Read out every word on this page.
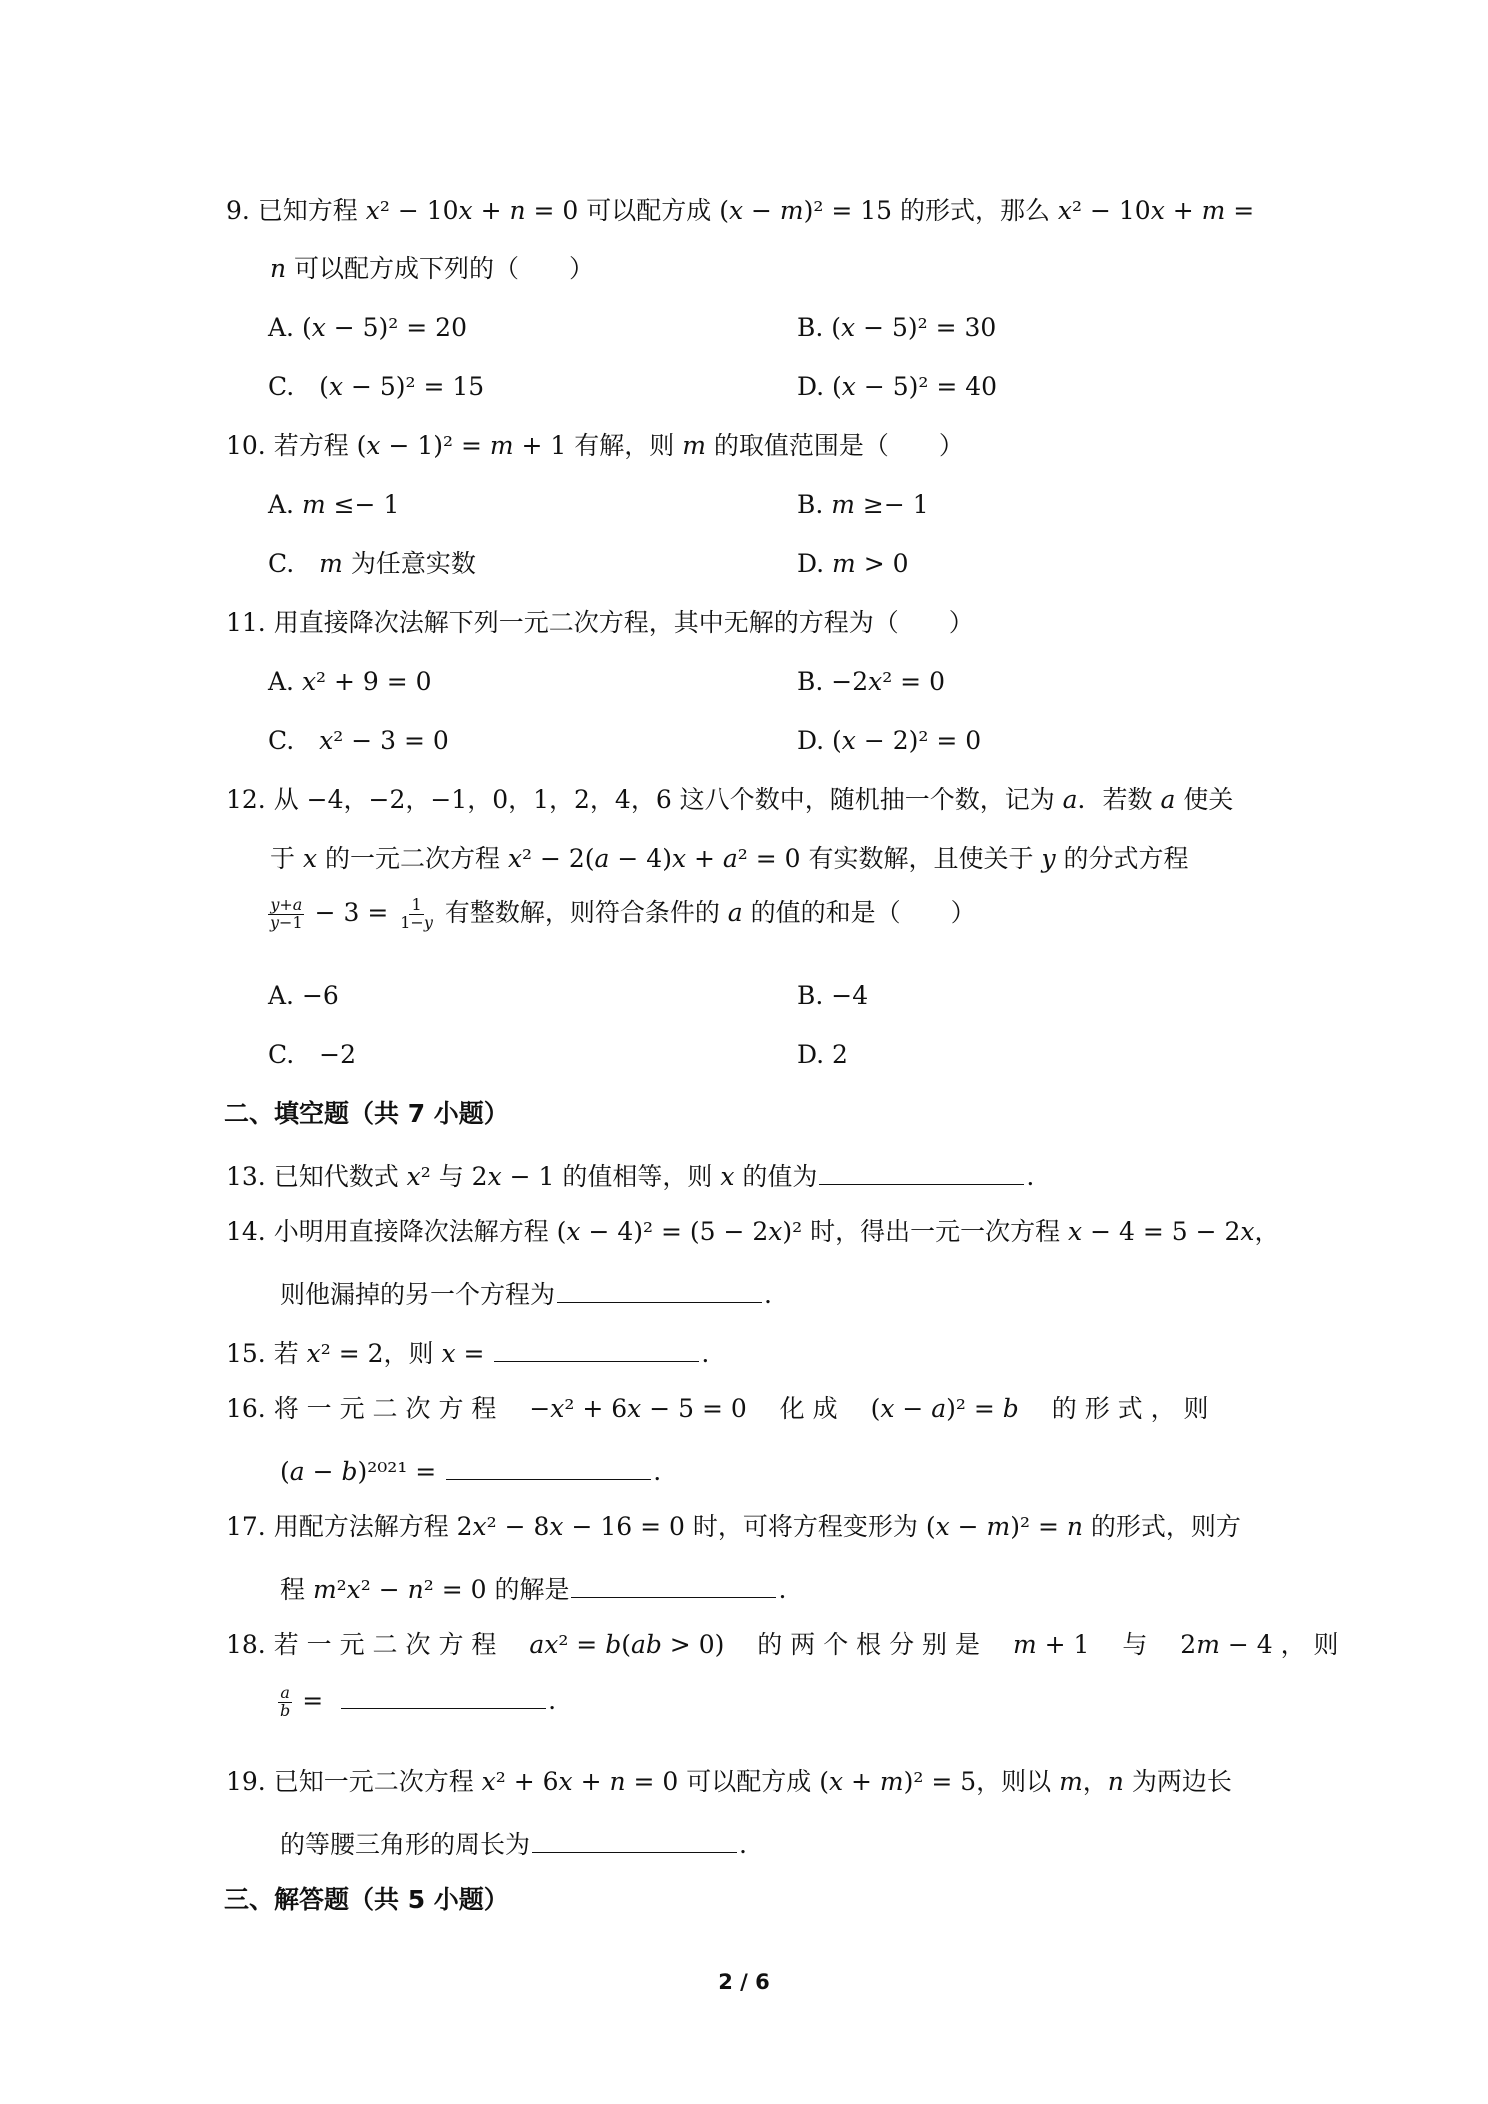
9. 已知方程 𝑥² − 10𝑥 + 𝑛 = 0 可以配方成 (𝑥 − 𝑚)² = 15 的形式，那么 𝑥² − 10𝑥 + 𝑚 =
𝑛 可以配方成下列的（　　）
A. (𝑥 − 5)² = 20	B. (𝑥 − 5)² = 30
C.　(𝑥 − 5)² = 15	D. (𝑥 − 5)² = 40
10. 若方程 (𝑥 − 1)² = 𝑚 + 1 有解，则 𝑚 的取值范围是（　　）
A. 𝑚 ≤− 1	B. 𝑚 ≥− 1
C.　𝑚 为任意实数	D. 𝑚 > 0
11. 用直接降次法解下列一元二次方程，其中无解的方程为（　　）
A. 𝑥² + 9 = 0	B. −2𝑥² = 0
C.　𝑥² − 3 = 0	D. (𝑥 − 2)² = 0
12. 从 −4，−2，−1，0，1，2，4，6 这八个数中，随机抽一个数，记为 𝑎．若数 𝑎 使关
于 𝑥 的一元二次方程 𝑥² − 2(𝑎 − 4)𝑥 + 𝑎² = 0 有实数解，且使关于 𝑦 的分式方程
$\frac{\text{𝑦+𝑎}}{\text{𝑦−1}} - 3 = \frac{1}{\text{1−𝑦}}$ 有整数解，则符合条件的 𝑎 的值的和是（　　）
A. −6	B. −4
C.　−2	D. 2
二、填空题（共 7 小题）
13. 已知代数式 𝑥² 与 2𝑥 − 1 的值相等，则 𝑥 的值为	.
14. 小明用直接降次法解方程 (𝑥 − 4)² = (5 − 2𝑥)² 时，得出一元一次方程 𝑥 − 4 = 5 − 2𝑥，
则他漏掉的另一个方程为	.
15. 若 𝑥² = 2，则 𝑥 =	.
16. 将 一 元 二 次 方 程　 −𝑥² + 6𝑥 − 5 = 0　 化 成　 (𝑥 − 𝑎)² = 𝑏　 的 形 式 ， 则
(𝑎 − 𝑏)²⁰²¹ =	.
17. 用配方法解方程 2𝑥² − 8𝑥 − 16 = 0 时，可将方程变形为 (𝑥 − 𝑚)² = 𝑛 的形式，则方
程 𝑚²𝑥² − 𝑛² = 0 的解是	.
18. 若 一 元 二 次 方 程　 𝑎𝑥² = 𝑏(𝑎𝑏 > 0)　 的 两 个 根 分 别 是　 𝑚 + 1　 与　 2𝑚 − 4 ， 则
$\frac{\text{𝑎}}{\text{𝑏}}$ =	.
19. 已知一元二次方程 𝑥² + 6𝑥 + 𝑛 = 0 可以配方成 (𝑥 + 𝑚)² = 5，则以 𝑚，𝑛 为两边长
的等腰三角形的周长为	.
三、解答题（共 5 小题）
2 / 6
